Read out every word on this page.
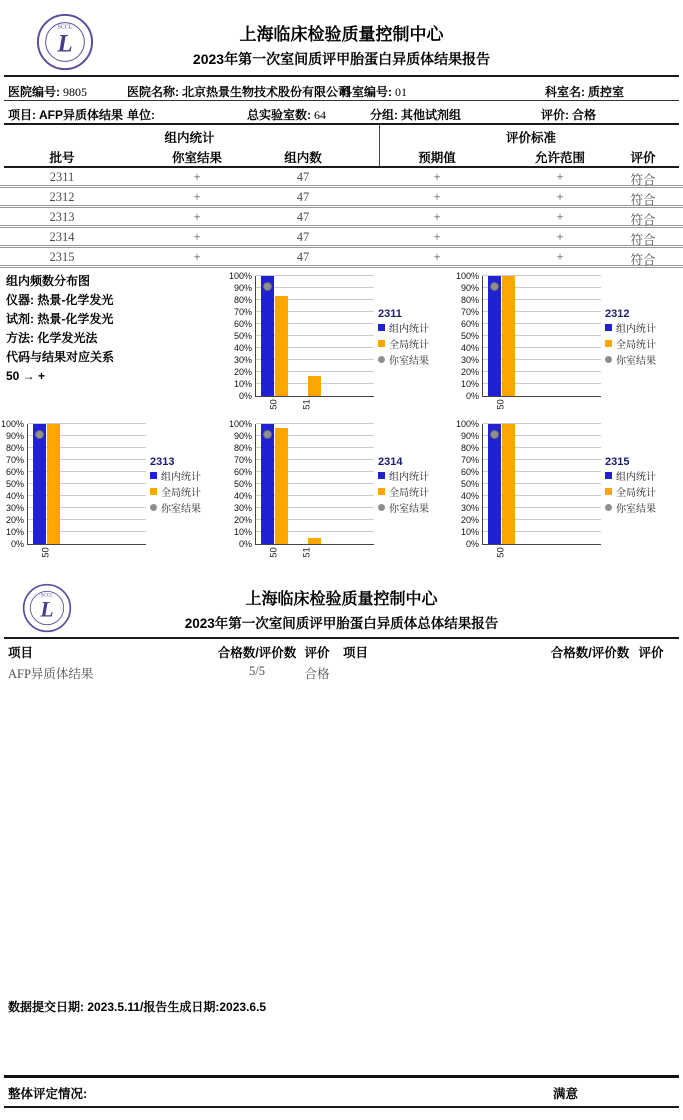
SCCL
L	上海临床检验质量控制中心
2023年第一次室间质评甲胎蛋白异质体结果报告
医院编号: 9805	医院名称: 北京热景生物技术股份有限公司
科室编号: 01	科室名: 质控室
项目: AFP异质体结果 单位:	总实验室数: 64	分组: 其他试剂组	评价: 合格
组内统计	评价标准
批号	你室结果	组内数	预期值	允许范围	评价
2311	+	47	+	+	符合
2312	+	47	+	+	符合
2313	+	47	+	+	符合
2314	+	47	+	+	符合
2315	+	47	+	+	符合
组内频数分布图
仪器: 热景-化学发光
试剂: 热景-化学发光
方法: 化学发光法
代码与结果对应关系
50 → +
0%
10%
20%
30%
40%
50%
60%
70%
80%
90%
100%
50 51
2311
组内统计
全局统计
你室结果
0%
10%
20%
30%
40%
50%
60%
70%
80%
90%
100%
50
2312
组内统计
全局统计
你室结果
0%
10%
20%
30%
40%
50%
60%
70%
80%
90%
100%
50
2313
组内统计
全局统计
你室结果
0%
10%
20%
30%
40%
50%
60%
70%
80%
90%
100%
50 51
2314
组内统计
全局统计
你室结果
0%
10%
20%
30%
40%
50%
60%
70%
80%
90%
100%
50
2315
组内统计
全局统计
你室结果
SCCL
L	上海临床检验质量控制中心
2023年第一次室间质评甲胎蛋白异质体总体结果报告
项目	合格数/评价数 评价	项目	合格数/评价数 评价
AFP异质体结果	5/5	合格
数据提交日期: 2023.5.11/报告生成日期:2023.6.5
整体评定情况:	满意
